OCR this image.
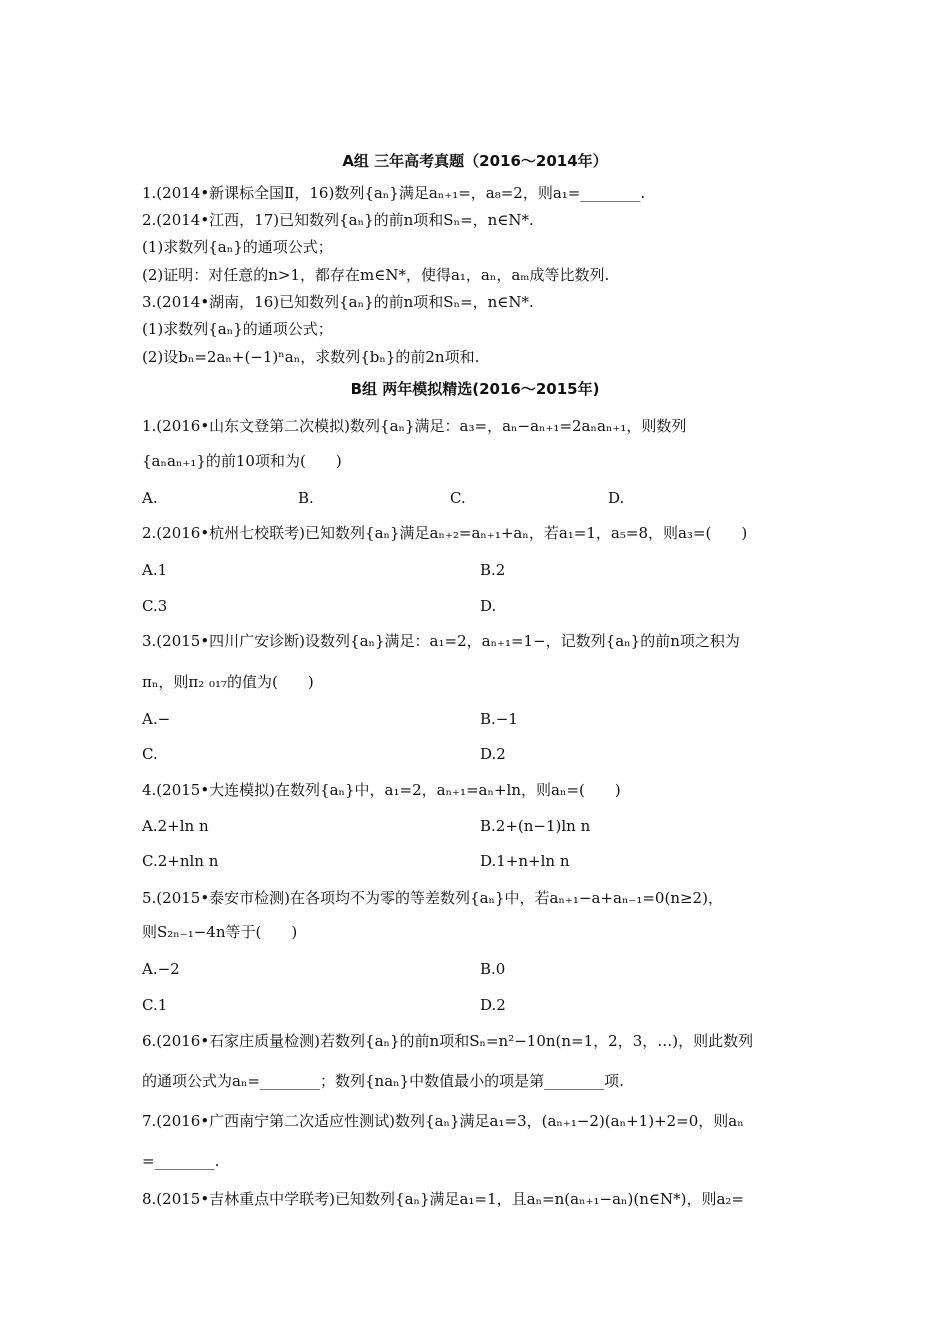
A组 三年高考真题（2016～2014年）
1.(2014•新课标全国Ⅱ，16)数列{aₙ}满足aₙ₊₁=，a₈=2，则a₁=________.
2.(2014•江西，17)已知数列{aₙ}的前n项和Sₙ=，n∈N*.
(1)求数列{aₙ}的通项公式；
(2)证明：对任意的n>1，都存在m∈N*，使得a₁，aₙ，aₘ成等比数列.
3.(2014•湖南，16)已知数列{aₙ}的前n项和Sₙ=，n∈N*.
(1)求数列{aₙ}的通项公式；
(2)设bₙ=2aₙ+(−1)ⁿaₙ，求数列{bₙ}的前2n项和.
B组 两年模拟精选(2016～2015年)
1.(2016•山东文登第二次模拟)数列{aₙ}满足：a₃=，aₙ−aₙ₊₁=2aₙaₙ₊₁，则数列
{aₙaₙ₊₁}的前10项和为(　　)
A.	B.	C.	D.
2.(2016•杭州七校联考)已知数列{aₙ}满足aₙ₊₂=aₙ₊₁+aₙ，若a₁=1，a₅=8，则a₃=(　　)
A.1	B.2
C.3	D.
3.(2015•四川广安诊断)设数列{aₙ}满足：a₁=2，aₙ₊₁=1−，记数列{aₙ}的前n项之积为
πₙ，则π₂ ₀₁₇的值为(　　)
A.−	B.−1
C.	D.2
4.(2015•大连模拟)在数列{aₙ}中，a₁=2，aₙ₊₁=aₙ+ln，则aₙ=(　　)
A.2+ln n	B.2+(n−1)ln n
C.2+nln n	D.1+n+ln n
5.(2015•泰安市检测)在各项均不为零的等差数列{aₙ}中，若aₙ₊₁−a+aₙ₋₁=0(n≥2)，
则S₂ₙ₋₁−4n等于(　　)
A.−2	B.0
C.1	D.2
6.(2016•石家庄质量检测)若数列{aₙ}的前n项和Sₙ=n²−10n(n=1，2，3，…)，则此数列
的通项公式为aₙ=________；数列{naₙ}中数值最小的项是第________项.
7.(2016•广西南宁第二次适应性测试)数列{aₙ}满足a₁=3，(aₙ₊₁−2)(aₙ+1)+2=0，则aₙ
=________.
8.(2015•吉林重点中学联考)已知数列{aₙ}满足a₁=1，且aₙ=n(aₙ₊₁−aₙ)(n∈N*)，则a₂=
